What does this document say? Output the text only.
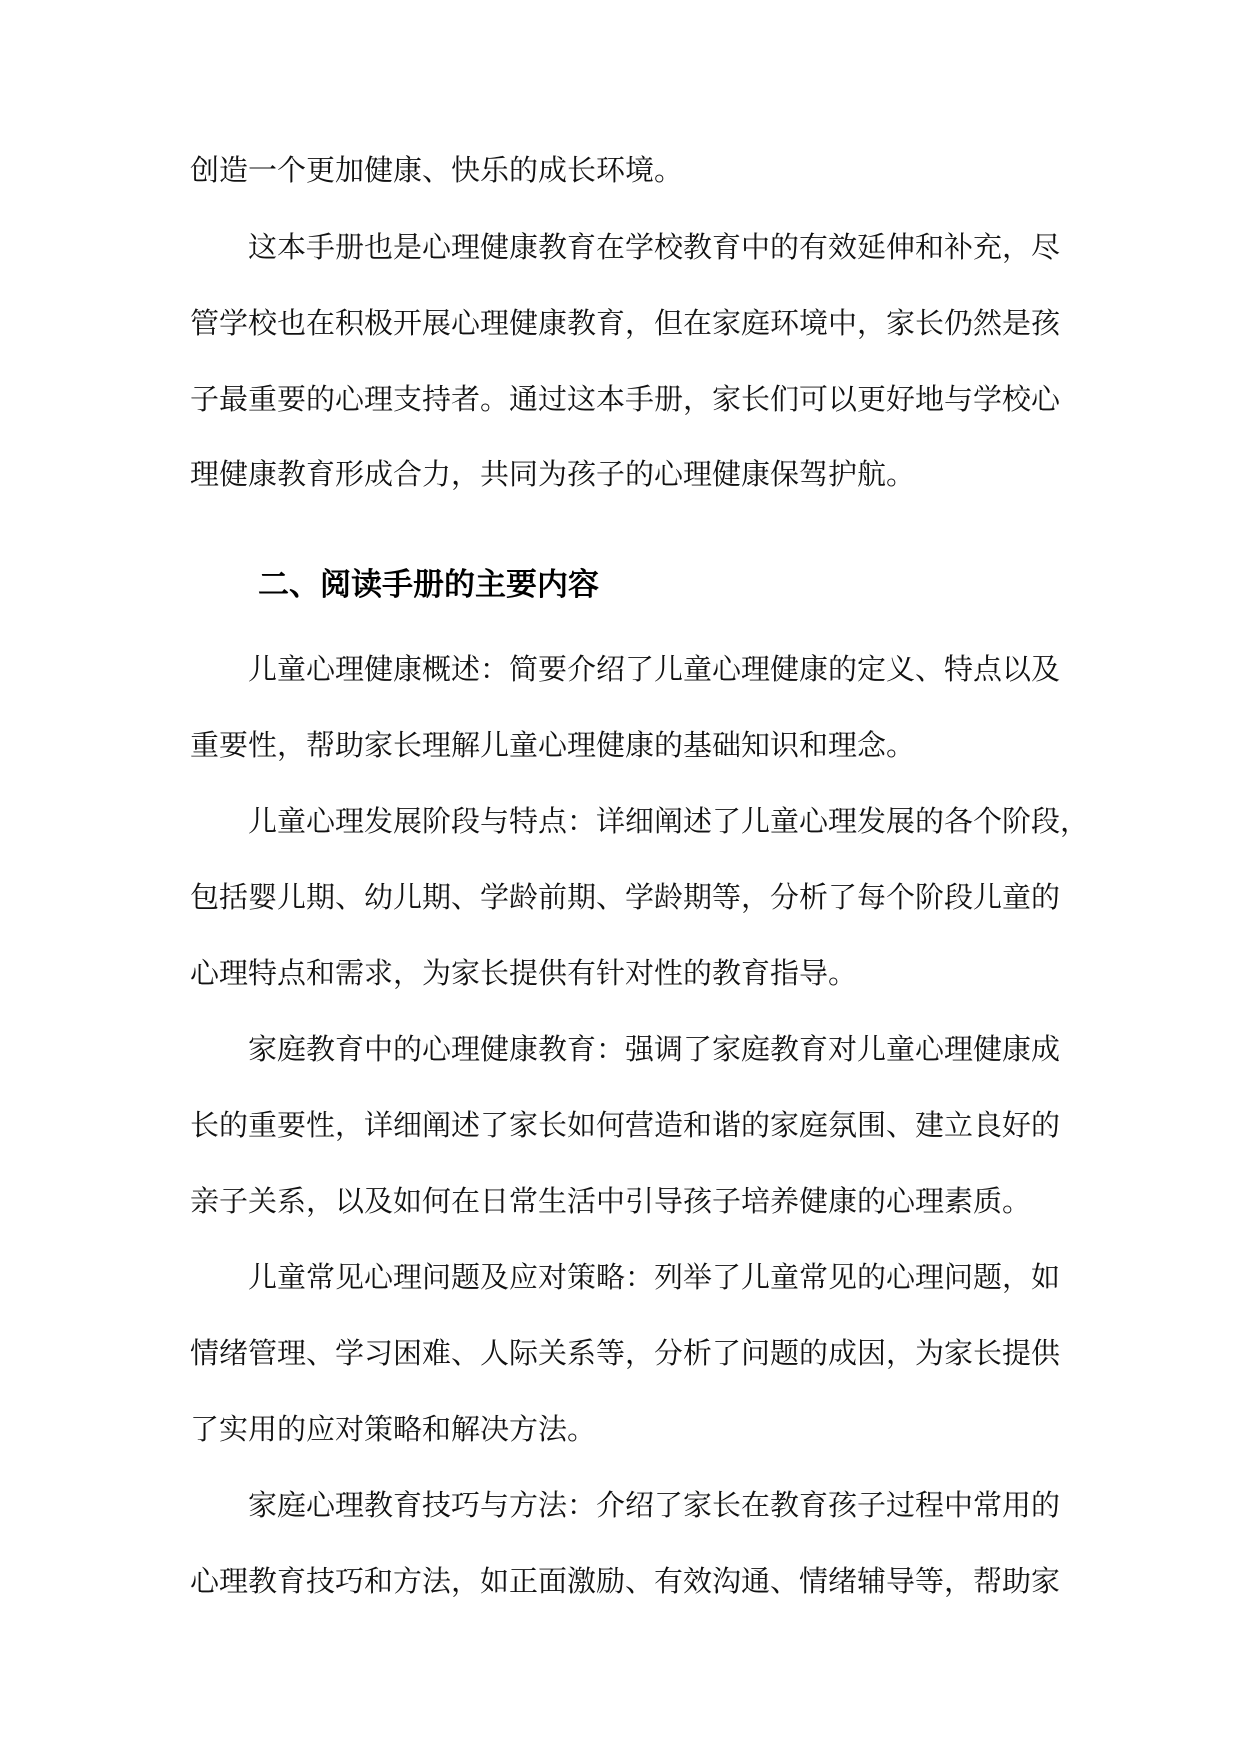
创造一个更加健康、快乐的成长环境。

这本手册也是心理健康教育在学校教育中的有效延伸和补充，尽

管学校也在积极开展心理健康教育，但在家庭环境中，家长仍然是孩

子最重要的心理支持者。通过这本手册，家长们可以更好地与学校心

理健康教育形成合力，共同为孩子的心理健康保驾护航。

二、阅读手册的主要内容

儿童心理健康概述：简要介绍了儿童心理健康的定义、特点以及

重要性，帮助家长理解儿童心理健康的基础知识和理念。

儿童心理发展阶段与特点：详细阐述了儿童心理发展的各个阶段，

包括婴儿期、幼儿期、学龄前期、学龄期等，分析了每个阶段儿童的

心理特点和需求，为家长提供有针对性的教育指导。

家庭教育中的心理健康教育：强调了家庭教育对儿童心理健康成

长的重要性，详细阐述了家长如何营造和谐的家庭氛围、建立良好的

亲子关系，以及如何在日常生活中引导孩子培养健康的心理素质。

儿童常见心理问题及应对策略：列举了儿童常见的心理问题，如

情绪管理、学习困难、人际关系等，分析了问题的成因，为家长提供

了实用的应对策略和解决方法。

家庭心理教育技巧与方法：介绍了家长在教育孩子过程中常用的

心理教育技巧和方法，如正面激励、有效沟通、情绪辅导等，帮助家
